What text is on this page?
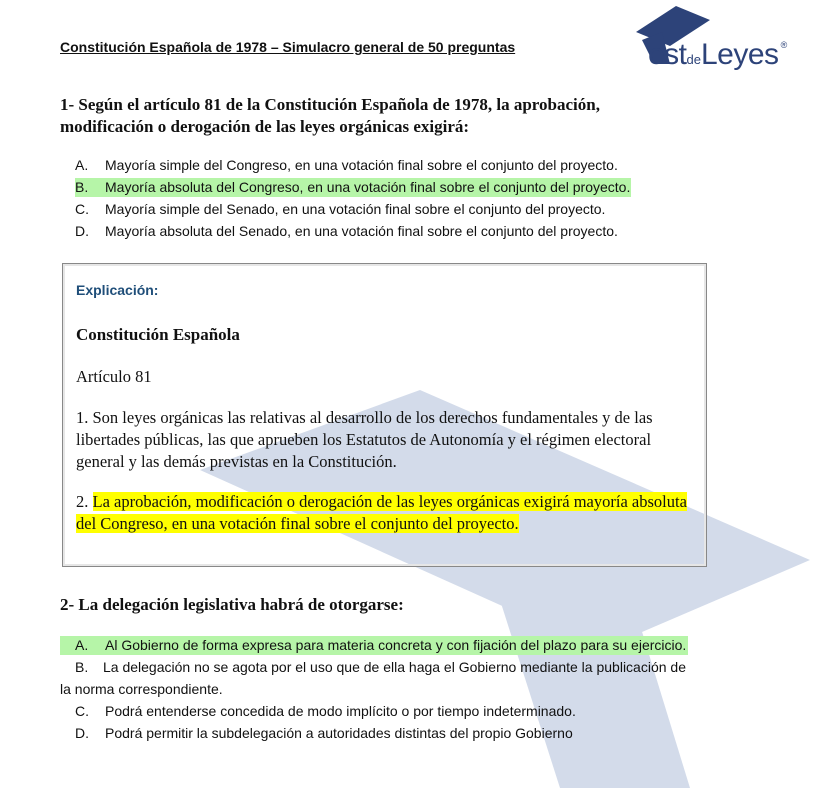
Constitución Española de 1978 – Simulacro general de 50 preguntas	estdeLeyes ®
1- Según el artículo 81 de la Constitución Española de 1978, la aprobación, modificación o derogación de las leyes orgánicas exigirá:
A. Mayoría simple del Congreso, en una votación final sobre el conjunto del proyecto.
B. Mayoría absoluta del Congreso, en una votación final sobre el conjunto del proyecto.
C. Mayoría simple del Senado, en una votación final sobre el conjunto del proyecto.
D. Mayoría absoluta del Senado, en una votación final sobre el conjunto del proyecto.
Explicación:
Constitución Española
Artículo 81
1. Son leyes orgánicas las relativas al desarrollo de los derechos fundamentales y de las libertades públicas, las que aprueben los Estatutos de Autonomía y el régimen electoral general y las demás previstas en la Constitución.
2. La aprobación, modificación o derogación de las leyes orgánicas exigirá mayoría absoluta del Congreso, en una votación final sobre el conjunto del proyecto.
2- La delegación legislativa habrá de otorgarse:
A. Al Gobierno de forma expresa para materia concreta y con fijación del plazo para su ejercicio.
B. La delegación no se agota por el uso que de ella haga el Gobierno mediante la publicación de la norma correspondiente.
C. Podrá entenderse concedida de modo implícito o por tiempo indeterminado.
D. Podrá permitir la subdelegación a autoridades distintas del propio Gobierno
